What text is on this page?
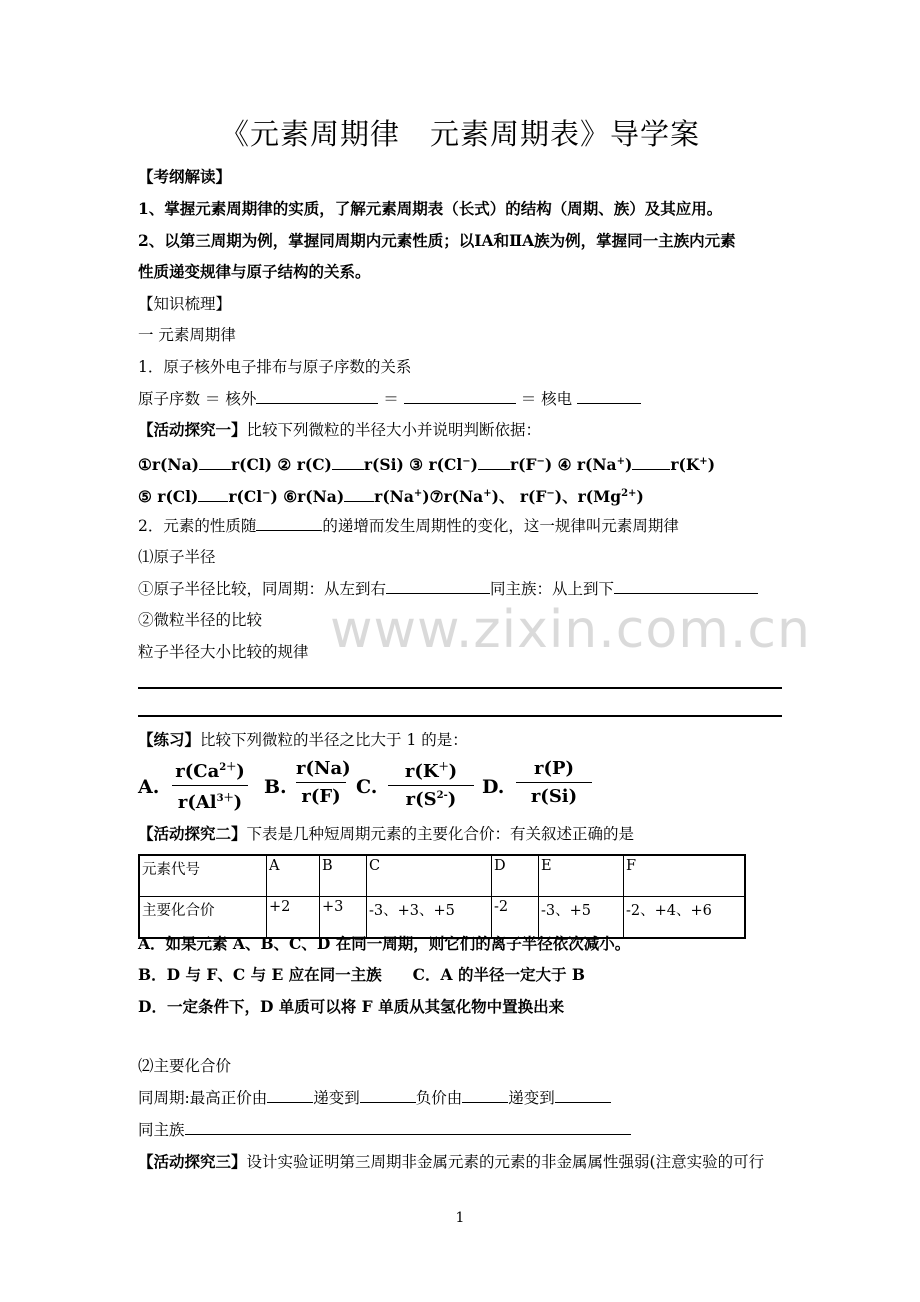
www.zixin.com.cn
《元素周期律　元素周期表》导学案
【考纲解读】
1、掌握元素周期律的实质，了解元素周期表（长式）的结构（周期、族）及其应用。
2、以第三周期为例，掌握同周期内元素性质；以ⅠA和ⅡA族为例，掌握同一主族内元素
性质递变规律与原子结构的关系。
【知识梳理】
一 元素周期律
1．原子核外电子排布与原子序数的关系
原子序数 ＝ 核外	＝	＝ 核电
【活动探究一】比较下列微粒的半径大小并说明判断依据：
①r(Na) r(Cl) ② r(C) r(Si) ③ r(Cl−) r(F−) ④ r(Na+) r(K+)
⑤ r(Cl) r(Cl−) ⑥r(Na) r(Na+)⑦r(Na+)、 r(F−)、$r(Mg^{2+})$
2．元素的性质随	的递增而发生周期性的变化，这一规律叫元素周期律
⑴原子半径
①原子半径比较，同周期：从左到右	同主族：从上到下
②微粒半径的比较
粒子半径大小比较的规律
【练习】比较下列微粒的半径之比大于 1 的是：
A. $\frac{r(Ca^{2+})}{r(Al^{3+})} B$. $\frac{r(Na)}{r(F)} C$. $\frac{r(K^+)}{r(S^{2-})} D$. $\frac{r(P)}{r(Si)}$
【活动探究二】下表是几种短周期元素的主要化合价：有关叙述正确的是
元素代号	A	B	C	D	E	F
主要化合价	+2	+3	-3、+3、+5	-2	-3、+5	-2、+4、+6
A．如果元素 A、B、C、D 在同一周期，则它们的离子半径依次减小。
B．D 与 F、C 与 E 应在同一主族　　C．A 的半径一定大于 B
D．一定条件下，D 单质可以将 F 单质从其氢化物中置换出来
⑵主要化合价
同周期:最高正价由	递变到	负价由	递变到
同主族
【活动探究三】设计实验证明第三周期非金属元素的元素的非金属属性强弱(注意实验的可行
1
